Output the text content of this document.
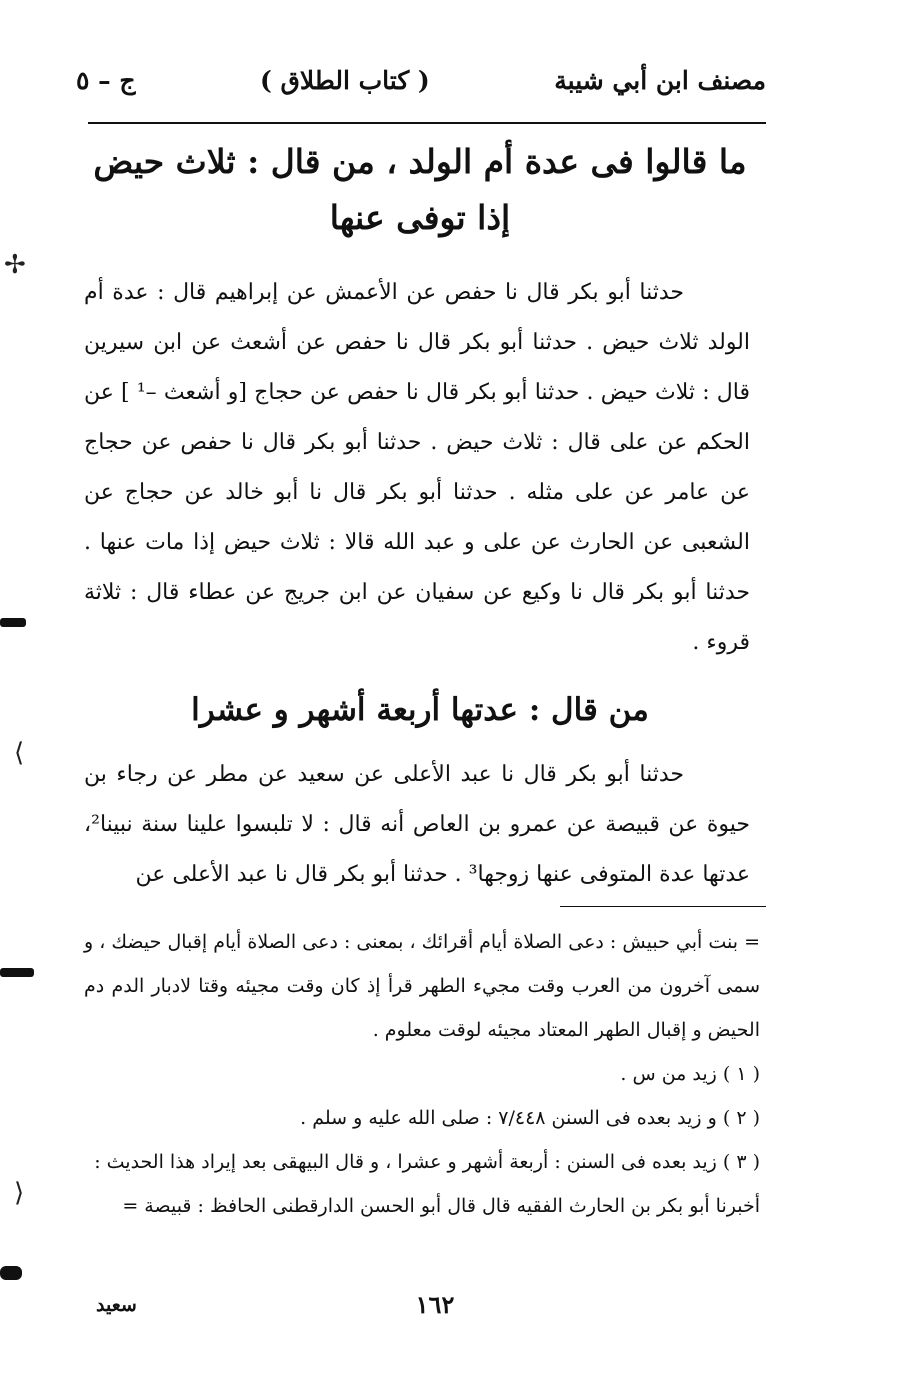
مصنف ابن أبي شيبة
( كتاب الطلاق )
ج – ٥
ما قالوا فى عدة أم الولد ، من قال : ثلاث حيض
إذا توفى عنها
حدثنا أبو بكر قال نا حفص عن الأعمش عن إبراهيم قال : عدة أم الولد ثلاث حيض . حدثنا أبو بكر قال نا حفص عن أشعث عن ابن سيرين قال : ثلاث حيض . حدثنا أبو بكر قال نا حفص عن حجاج [و أشعث –¹ ] عن الحكم عن على قال : ثلاث حيض . حدثنا أبو بكر قال نا حفص عن حجاج عن عامر عن على مثله . حدثنا أبو بكر قال نا أبو خالد عن حجاج عن الشعبى عن الحارث عن على و عبد الله قالا : ثلاث حيض إذا مات عنها . حدثنا أبو بكر قال نا وكيع عن سفيان عن ابن جريج عن عطاء قال : ثلاثة قروء .
من قال : عدتها أربعة أشهر و عشرا
حدثنا أبو بكر قال نا عبد الأعلى عن سعيد عن مطر عن رجاء بن حيوة عن قبيصة عن عمرو بن العاص أنه قال : لا تلبسوا علينا سنة نبينا²، عدتها عدة المتوفى عنها زوجها³ . حدثنا أبو بكر قال نا عبد الأعلى عن

= بنت أبي حبيش : دعى الصلاة أيام أقرائك ، بمعنى : دعى الصلاة أيام إقبال حيضك ، و سمى آخرون من العرب وقت مجيء الطهر قرأ إذ كان وقت مجيئه وقتا لادبار الدم دم الحيض و إقبال الطهر المعتاد مجيئه لوقت معلوم .

( ١ ) زيد من س .

( ٢ ) و زيد بعده فى السنن ٧/٤٤٨ : صلى الله عليه و سلم .

( ٣ ) زيد بعده فى السنن : أربعة أشهر و عشرا ، و قال البيهقى بعد إيراد هذا الحديث :

أخبرنا أبو بكر بن الحارث الفقيه قال قال أبو الحسن الدارقطنى الحافظ : قبيصة =

١٦٢
سعيد
✢
⟩
⟨
